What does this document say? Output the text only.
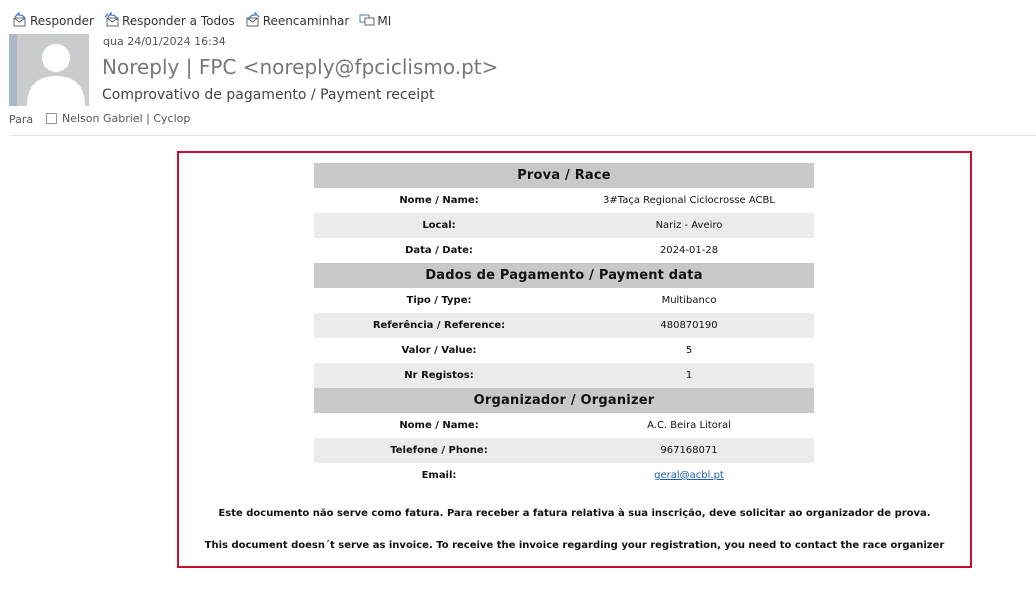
Responder Responder a Todos Reencaminhar MI
qua 24/01/2024 16:34
Noreply | FPC <noreply@fpciclismo.pt>
Comprovativo de pagamento / Payment receipt
Para	Nelson Gabriel | Cyclop
Prova / Race	
Nome / Name:	3#Taça Regional Ciclocrosse ACBL
Local:	Nariz - Aveiro
Data / Date:	2024-01-28
Dados de Pagamento / Payment data	
Tipo / Type:	Multibanco
Referência / Reference:	480870190
Valor / Value:	5
Nr Registos:	1
Organizador / Organizer	
Nome / Name:	A.C. Beira Litoral
Telefone / Phone:	967168071
Email:	geral@acbl.pt
Este documento não serve como fatura. Para receber a fatura relativa à sua inscrição, deve solicitar ao organizador de prova.
This document doesn´t serve as invoice. To receive the invoice regarding your registration, you need to contact the race organizer
